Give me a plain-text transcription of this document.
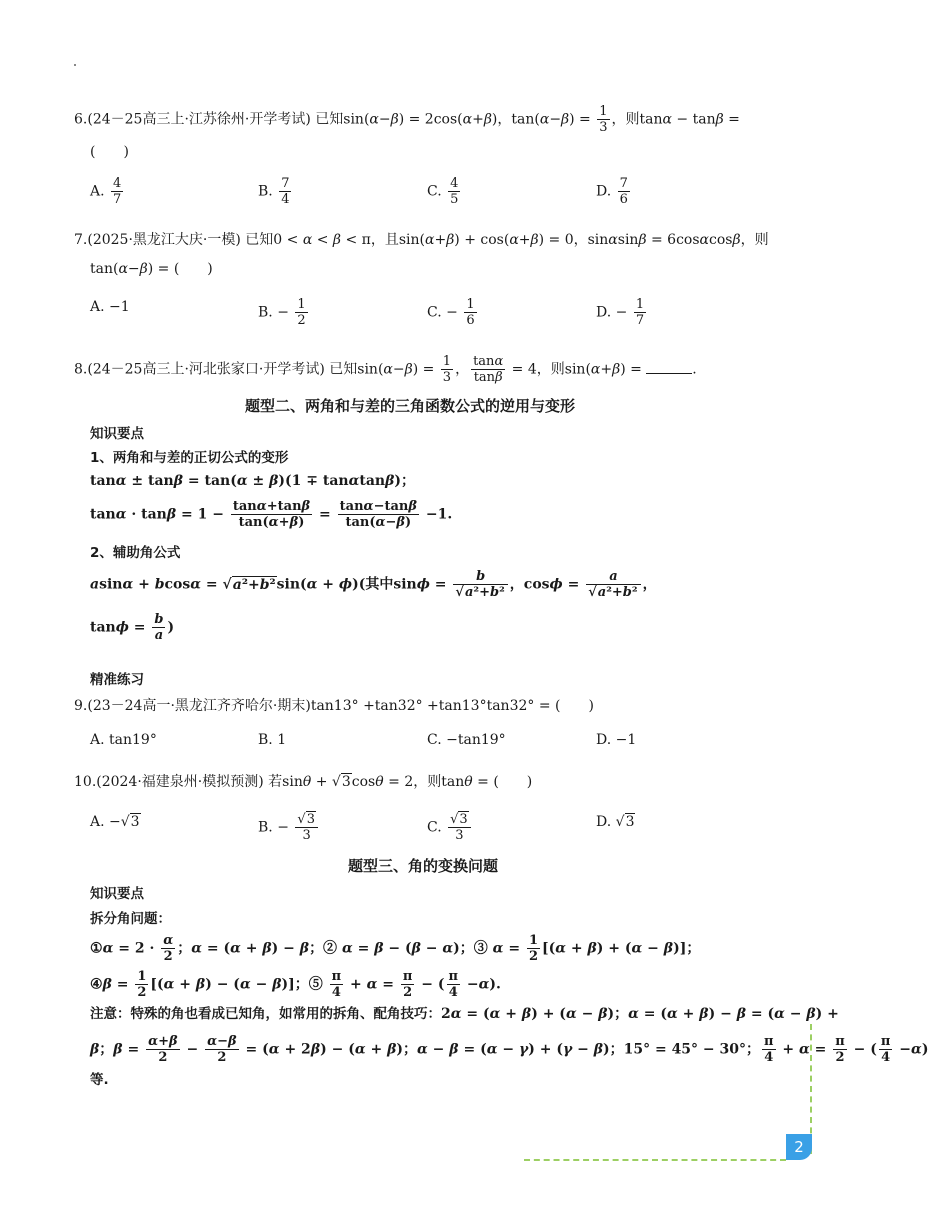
6.(24－25高三上·江苏徐州·开学考试) 已知sin(α−β) = 2cos(α+β)，$\tan(\alpha-\beta) = \frac{1}{3}$ ，则tanα − tanβ =
(　　)
A. $\frac{4}{7}$	B. $\frac{7}{4}$	C. $\frac{4}{5}$	D. $\frac{7}{6}$
7.(2025·黑龙江大庆·一模) 已知0 < α < β < π，且sin(α+β) + cos(α+β) = 0，sinαsinβ = 6cosαcosβ，则
tan(α−β) = (　　)
A. −1	B. − $\frac{1}{2}$	C. − $\frac{1}{6}$	D. − $\frac{1}{7}$
8.(24－25高三上·河北张家口·开学考试) 已知$\sin(\alpha-\beta) = \frac{1}{3}$ ， $\frac{\tan\alpha}{\tan\beta} = 4$，则sin(α+β) =	.
题型二、两角和与差的三角函数公式的逆用与变形
知识要点
1、两角和与差的正切公式的变形
tanα ± tanβ = tan(α ± β)(1 ∓ tanαtanβ)；
$\tan\alpha \cdot \tan\beta = 1 - \frac{\tan\alpha+\tan\beta}{\tan(\alpha+\beta)} = \frac{\tan\alpha-\tan\beta}{\tan(\alpha-\beta)} -1$.
2、辅助角公式
asinα + bcosα = √a²+b²sin(α + ϕ)(其中$\sin\phi = \frac{b}{\text{√a²+b²}}$ ，$\cos\phi = \frac{a}{\text{√a²+b²}}$ ，
$\tan\phi = \frac{b}{a}$ )
精准练习
9.(23－24高一·黑龙江齐齐哈尔·期末)tan13° +tan32° +tan13°tan32° = (　　)
A. tan19°	B. 1	C. −tan19°	D. −1
10.(2024·福建泉州·模拟预测) 若sinθ + √3cosθ = 2，则tanθ = (　　)
A. −√3	B. − $\frac{√3}{3}$	C. $\frac{√3}{3}$	D. √3
题型三、角的变换问题
知识要点
拆分角问题：
①α = $2 \cdot \frac{\alpha}{2}$ ；α = (α + β) − β；② α = β − (β − α)；③ $\alpha = \frac{1}{2} [(\alpha + \beta) + (\alpha - \beta)]$；
④β = $\frac{1}{2} [(\alpha + \beta) - (\alpha - \beta)]$；⑤ $\frac{\pi}{4} + \alpha = \frac{\pi}{2}$ − ( $\frac{\pi}{4} -\alpha$).
注意：特殊的角也看成已知角，如常用的拆角、配角技巧：2α = (α + β) + (α − β)；α = (α + β) − β = (α − β) +
β；$\beta = \frac{\alpha+\beta}{2} - \frac{\alpha-\beta}{2} = (\alpha + 2\beta) - (\alpha + \beta)$；α − β = (α − γ) + (γ − β)；15° = 45° − 30°； $\frac{\pi}{4} + \alpha = \frac{\pi}{2}$ − ( $\frac{\pi}{4} -\alpha$)
等.
2
